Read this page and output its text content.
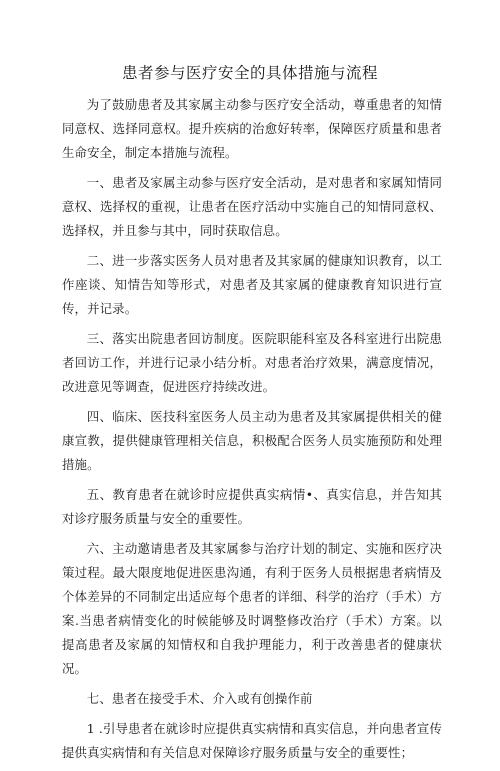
患者参与医疗安全的具体措施与流程

为了鼓励患者及其家属主动参与医疗安全活动，尊重患者的知情同意权、选择同意权。提升疾病的治愈好转率，保障医疗质量和患者生命安全，制定本措施与流程。

一、患者及家属主动参与医疗安全活动，是对患者和家属知情同意权、选择权的重视，让患者在医疗活动中实施自己的知情同意权、选择权，并且参与其中，同时获取信息。

二、进一步落实医务人员对患者及其家属的健康知识教育，以工作座谈、知情告知等形式，对患者及其家属的健康教育知识进行宣传，并记录。

三、落实出院患者回访制度。医院职能科室及各科室进行出院患者回访工作，并进行记录小结分析。对患者治疗效果，满意度情况，改进意见等调查，促进医疗持续改进。

四、临床、医技科室医务人员主动为患者及其家属提供相关的健康宣教，提供健康管理相关信息，积极配合医务人员实施预防和处理措施。

五、教育患者在就诊时应提供真实病情•、真实信息，并告知其对诊疗服务质量与安全的重要性。

六、主动邀请患者及其家属参与治疗计划的制定、实施和医疗决策过程。最大限度地促进医患沟通，有利于医务人员根据患者病情及个体差异的不同制定出适应每个患者的详细、科学的治疗（手术）方案.当患者病情变化的时候能够及时调整修改治疗（手术）方案。以提高患者及家属的知情权和自我护理能力，利于改善患者的健康状况。

七、患者在接受手术、介入或有创操作前

1 .引导患者在就诊时应提供真实病情和真实信息，并向患者宣传提供真实病情和有关信息对保障诊疗服务质量与安全的重要性；
